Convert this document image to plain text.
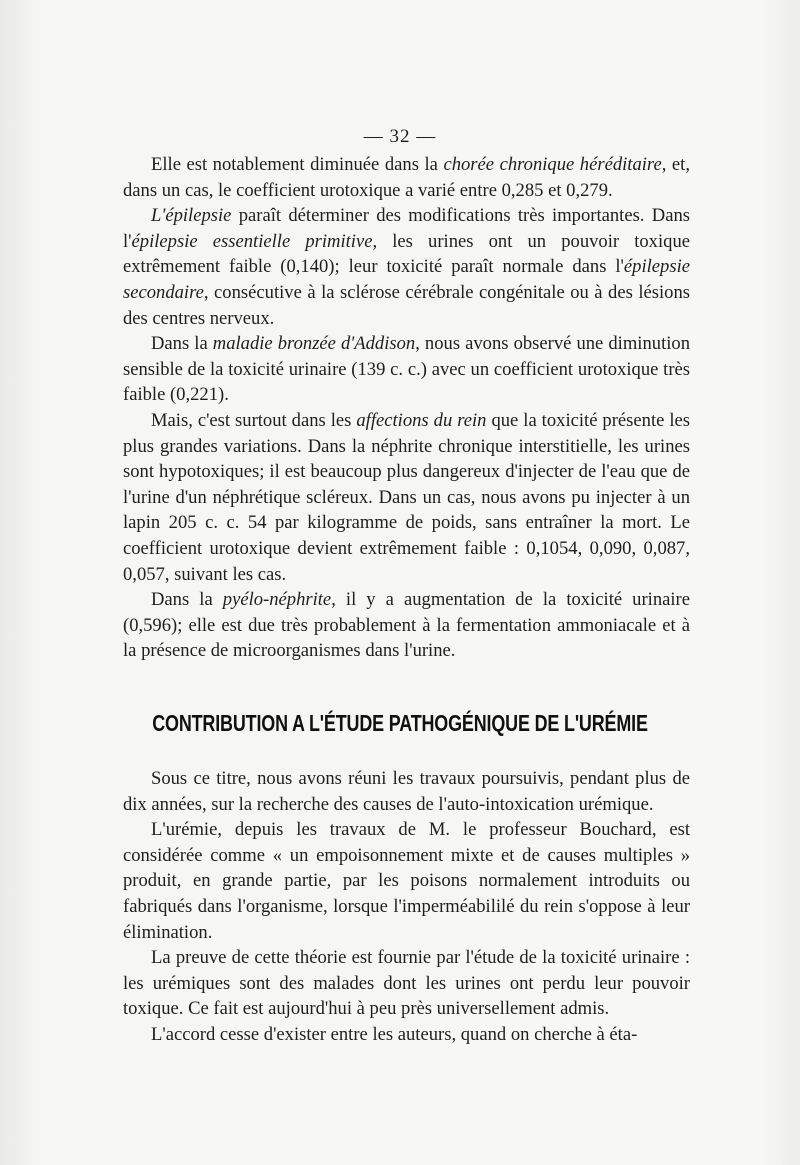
— 32 —

Elle est notablement diminuée dans la chorée chronique héréditaire, et, dans un cas, le coefficient urotoxique a varié entre 0,285 et 0,279.

L'épilepsie paraît déterminer des modifications très importantes. Dans l'épilepsie essentielle primitive, les urines ont un pouvoir toxique extrêmement faible (0,140); leur toxicité paraît normale dans l'épilepsie secondaire, consécutive à la sclérose cérébrale congénitale ou à des lésions des centres nerveux.

Dans la maladie bronzée d'Addison, nous avons observé une diminution sensible de la toxicité urinaire (139 c. c.) avec un coefficient urotoxique très faible (0,221).

Mais, c'est surtout dans les affections du rein que la toxicité présente les plus grandes variations. Dans la néphrite chronique interstitielle, les urines sont hypotoxiques; il est beaucoup plus dangereux d'injecter de l'eau que de l'urine d'un néphrétique scléreux. Dans un cas, nous avons pu injecter à un lapin 205 c. c. 54 par kilogramme de poids, sans entraîner la mort. Le coefficient urotoxique devient extrêmement faible : 0,1054, 0,090, 0,087, 0,057, suivant les cas.

Dans la pyélo-néphrite, il y a augmentation de la toxicité urinaire (0,596); elle est due très probablement à la fermentation ammoniacale et à la présence de microorganismes dans l'urine.

CONTRIBUTION A L'ÉTUDE PATHOGÉNIQUE DE L'URÉMIE

Sous ce titre, nous avons réuni les travaux poursuivis, pendant plus de dix années, sur la recherche des causes de l'auto-intoxication urémique.

L'urémie, depuis les travaux de M. le professeur Bouchard, est considérée comme « un empoisonnement mixte et de causes multiples » produit, en grande partie, par les poisons normalement introduits ou fabriqués dans l'organisme, lorsque l'imperméabililé du rein s'oppose à leur élimination.

La preuve de cette théorie est fournie par l'étude de la toxicité urinaire : les urémiques sont des malades dont les urines ont perdu leur pouvoir toxique. Ce fait est aujourd'hui à peu près universellement admis.

L'accord cesse d'exister entre les auteurs, quand on cherche à éta-
